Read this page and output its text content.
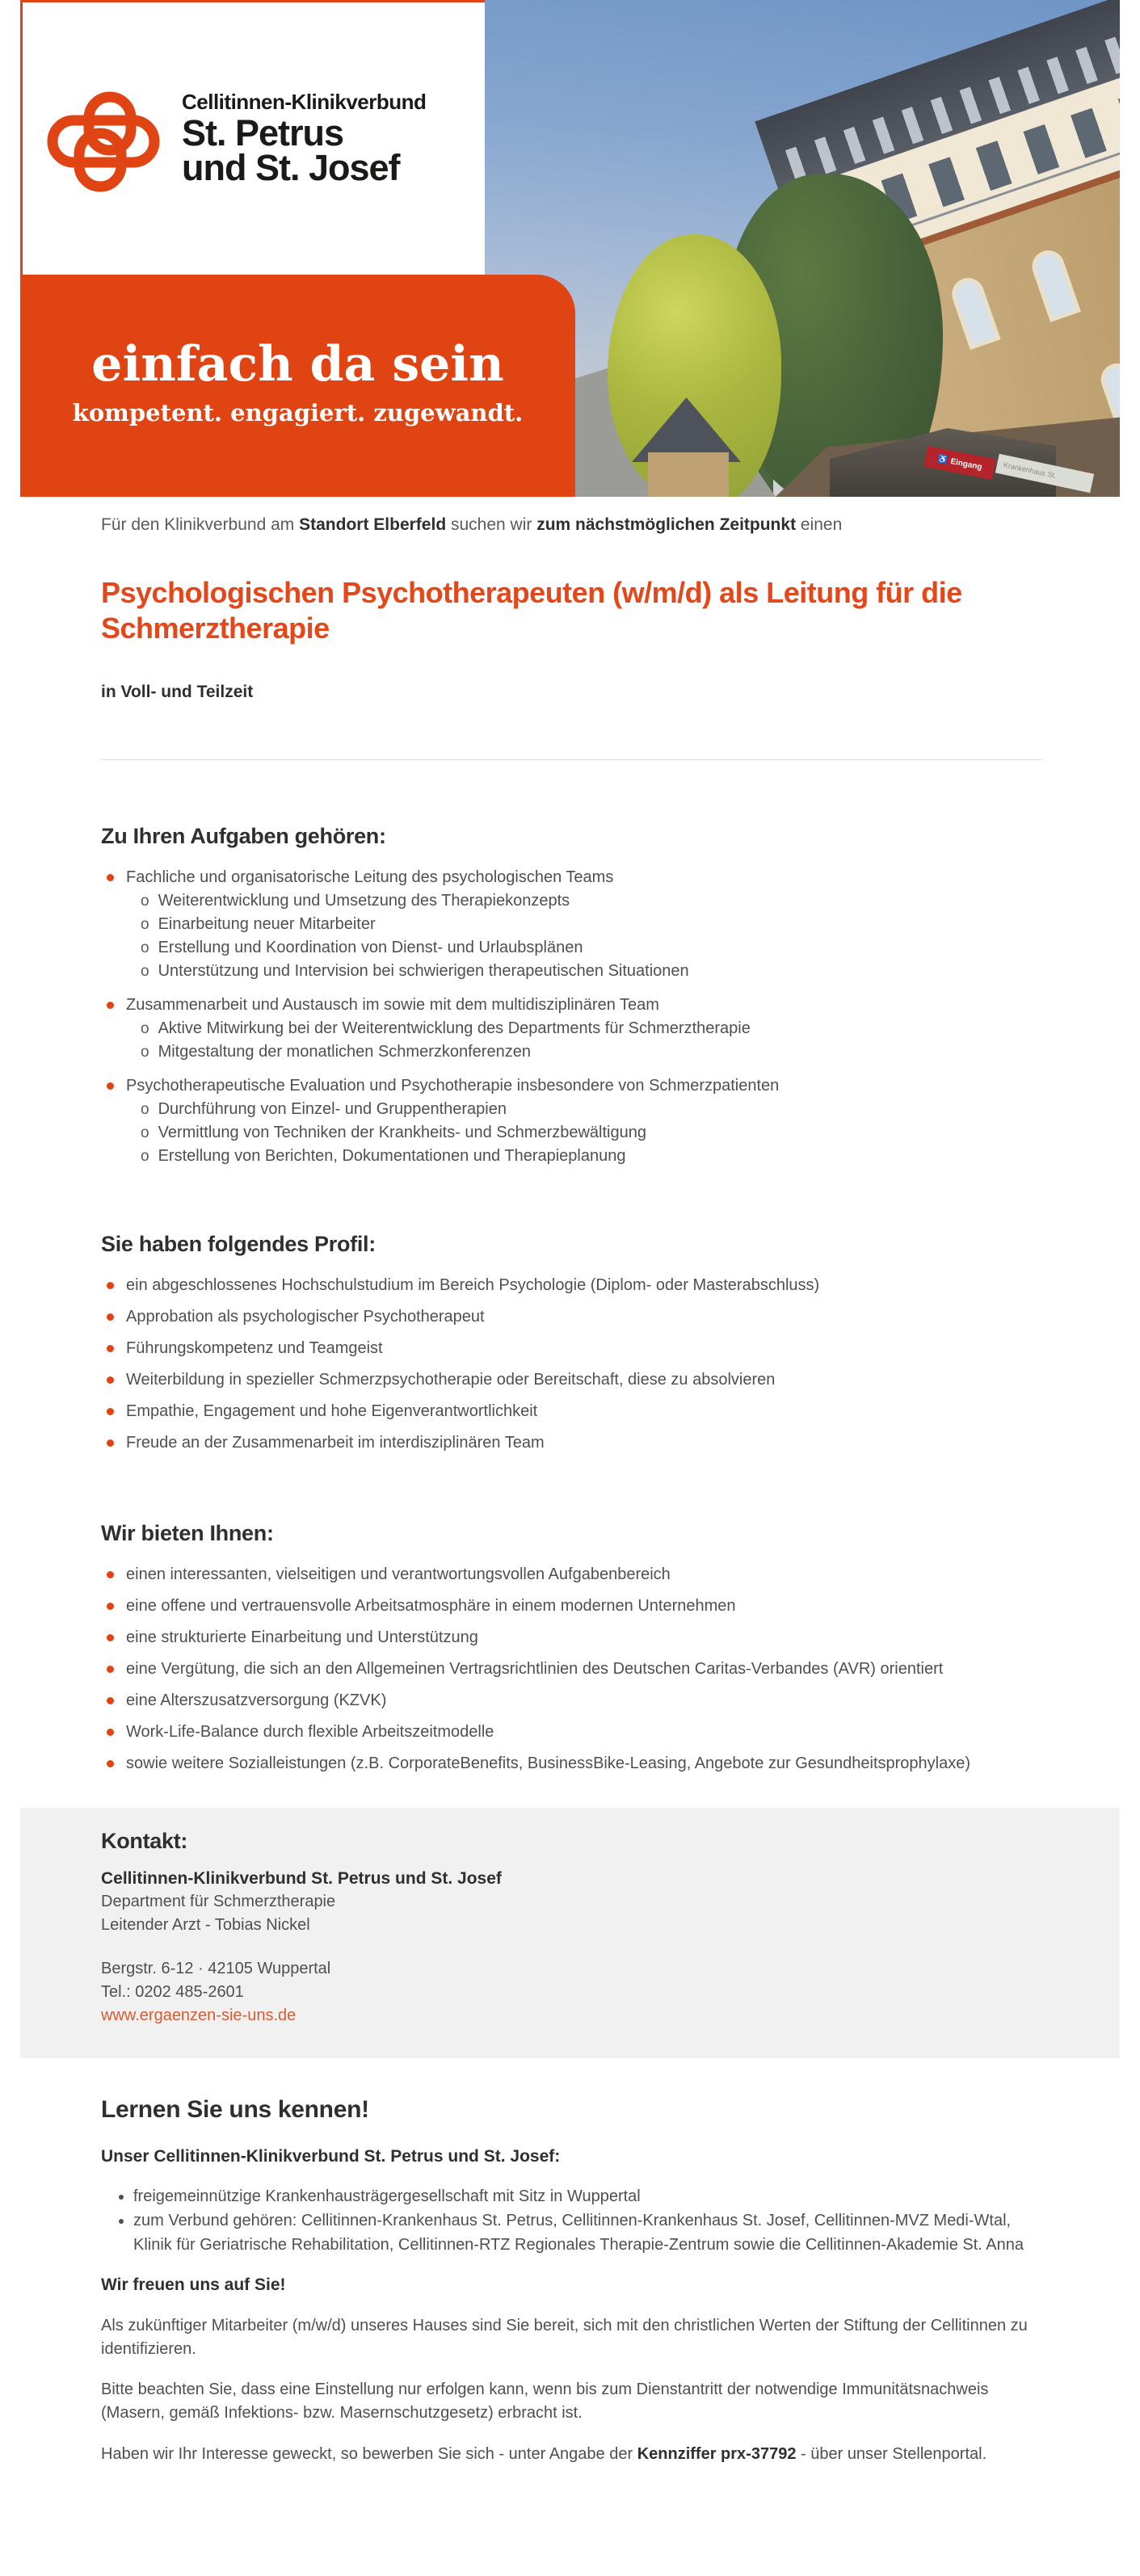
♿ Eingang	Krankenhaus St.
Cellitinnen-Klinikverbund
St. Petrus
und St. Josef
einfach da sein
kompetent. engagiert. zugewandt.

Für den Klinikverbund am Standort Elberfeld suchen wir zum nächstmöglichen Zeitpunkt einen

Psychologischen Psychotherapeuten (w/m/d) als Leitung für die Schmerztherapie

in Voll- und Teilzeit

Zu Ihren Aufgaben gehören:
Fachliche und organisatorische Leitung des psychologischen Teams
o Weiterentwicklung und Umsetzung des Therapiekonzepts
o Einarbeitung neuer Mitarbeiter
o Erstellung und Koordination von Dienst- und Urlaubsplänen
o Unterstützung und Intervision bei schwierigen therapeutischen Situationen
Zusammenarbeit und Austausch im sowie mit dem multidisziplinären Team
o Aktive Mitwirkung bei der Weiterentwicklung des Departments für Schmerztherapie
o Mitgestaltung der monatlichen Schmerzkonferenzen
Psychotherapeutische Evaluation und Psychotherapie insbesondere von Schmerzpatienten
o Durchführung von Einzel- und Gruppentherapien
o Vermittlung von Techniken der Krankheits- und Schmerzbewältigung
o Erstellung von Berichten, Dokumentationen und Therapieplanung
Sie haben folgendes Profil:
ein abgeschlossenes Hochschulstudium im Bereich Psychologie (Diplom- oder Masterabschluss)
Approbation als psychologischer Psychotherapeut
Führungskompetenz und Teamgeist
Weiterbildung in spezieller Schmerzpsychotherapie oder Bereitschaft, diese zu absolvieren
Empathie, Engagement und hohe Eigenverantwortlichkeit
Freude an der Zusammenarbeit im interdisziplinären Team
Wir bieten Ihnen:
einen interessanten, vielseitigen und verantwortungsvollen Aufgabenbereich
eine offene und vertrauensvolle Arbeitsatmosphäre in einem modernen Unternehmen
eine strukturierte Einarbeitung und Unterstützung
eine Vergütung, die sich an den Allgemeinen Vertragsrichtlinien des Deutschen Caritas-Verbandes (AVR) orientiert
eine Alterszusatzversorgung (KZVK)
Work-Life-Balance durch flexible Arbeitszeitmodelle
sowie weitere Sozialleistungen (z.B. CorporateBenefits, BusinessBike-Leasing, Angebote zur Gesundheitsprophylaxe)
Kontakt:

Cellitinnen-Klinikverbund St. Petrus und St. Josef

Department für Schmerztherapie

Leitender Arzt - Tobias Nickel

Bergstr. 6-12 · 42105 Wuppertal

Tel.: 0202 485-2601

www.ergaenzen-sie-uns.de
Lernen Sie uns kennen!

Unser Cellitinnen-Klinikverbund St. Petrus und St. Josef:

• freigemeinnützige Krankenhausträgergesellschaft mit Sitz in Wuppertal
• zum Verbund gehören: Cellitinnen-Krankenhaus St. Petrus, Cellitinnen-Krankenhaus St. Josef, Cellitinnen-MVZ Medi-Wtal, Klinik für Geriatrische Rehabilitation, Cellitinnen-RTZ Regionales Therapie-Zentrum sowie die Cellitinnen-Akademie St. Anna

Wir freuen uns auf Sie!

Als zukünftiger Mitarbeiter (m/w/d) unseres Hauses sind Sie bereit, sich mit den christlichen Werten der Stiftung der Cellitinnen zu identifizieren.

Bitte beachten Sie, dass eine Einstellung nur erfolgen kann, wenn bis zum Dienstantritt der notwendige Immunitätsnachweis (Masern, gemäß Infektions- bzw. Masernschutzgesetz) erbracht ist.

Haben wir Ihr Interesse geweckt, so bewerben Sie sich - unter Angabe der Kennziffer prx-37792 - über unser Stellenportal.
